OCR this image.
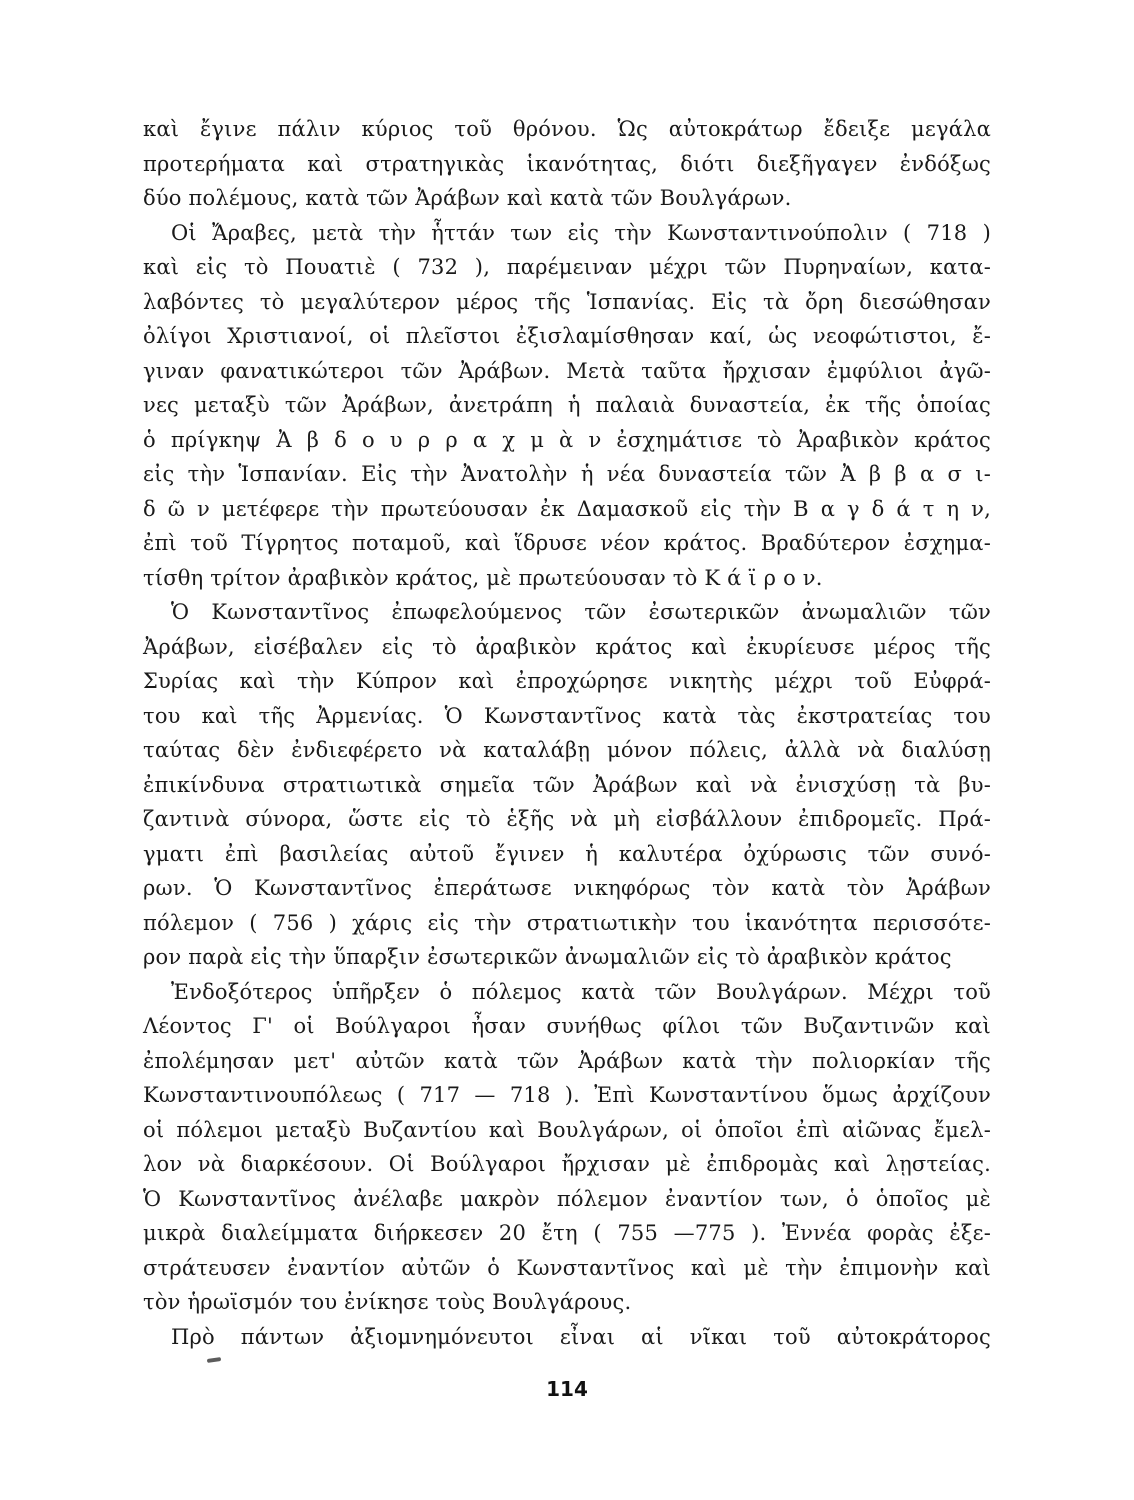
καὶ ἔγινε πάλιν κύριος τοῦ θρόνου. Ὡς αὐτοκράτωρ ἔδειξε μεγάλα
προτερήματα καὶ στρατηγικὰς ἱκανότητας, διότι διεξῆγαγεν ἐνδόξως
δύο πολέμους, κατὰ τῶν Ἀράβων καὶ κατὰ τῶν Βουλγάρων.
Οἱ Ἄραβες, μετὰ τὴν ἧττάν των εἰς τὴν Κωνσταντινούπολιν ( 718 )
καὶ εἰς τὸ Πουατιὲ ( 732 ), παρέμειναν μέχρι τῶν Πυρηναίων, κατα-
λαβόντες τὸ μεγαλύτερον μέρος τῆς Ἱσπανίας. Εἰς τὰ ὄρη διεσώθησαν
ὀλίγοι Χριστιανοί, οἱ πλεῖστοι ἐξισλαμίσθησαν καί, ὡς νεοφώτιστοι, ἔ-
γιναν φανατικώτεροι τῶν Ἀράβων. Μετὰ ταῦτα ἤρχισαν ἐμφύλιοι ἀγῶ-
νες μεταξὺ τῶν Ἀράβων, ἀνετράπη ἡ παλαιὰ δυναστεία, ἐκ τῆς ὁποίας
ὁ πρίγκηψ Ἀ β δ ο υ ρ ρ α χ μ ὰ ν ἐσχημάτισε τὸ Ἀραβικὸν κράτος
εἰς τὴν Ἱσπανίαν. Εἰς τὴν Ἀνατολὴν ἡ νέα δυναστεία τῶν Ἀ β β α σ ι-
δ ῶ ν μετέφερε τὴν πρωτεύουσαν ἐκ Δαμασκοῦ εἰς τὴν Β α γ δ ά τ η ν,
ἐπὶ τοῦ Τίγρητος ποταμοῦ, καὶ ἵδρυσε νέον κράτος. Βραδύτερον ἐσχημα-
τίσθη τρίτον ἀραβικὸν κράτος, μὲ πρωτεύουσαν τὸ Κ ά ϊ ρ ο ν.
Ὁ Κωνσταντῖνος ἐπωφελούμενος τῶν ἐσωτερικῶν ἀνωμαλιῶν τῶν
Ἀράβων, εἰσέβαλεν εἰς τὸ ἀραβικὸν κράτος καὶ ἐκυρίευσε μέρος τῆς
Συρίας καὶ τὴν Κύπρον καὶ ἐπροχώρησε νικητὴς μέχρι τοῦ Εὐφρά-
του καὶ τῆς Ἀρμενίας. Ὁ Κωνσταντῖνος κατὰ τὰς ἐκστρατείας του
ταύτας δὲν ἐνδιεφέρετο νὰ καταλάβῃ μόνον πόλεις, ἀλλὰ νὰ διαλύσῃ
ἐπικίνδυνα στρατιωτικὰ σημεῖα τῶν Ἀράβων καὶ νὰ ἐνισχύσῃ τὰ βυ-
ζαντινὰ σύνορα, ὥστε εἰς τὸ ἑξῆς νὰ μὴ εἰσβάλλουν ἐπιδρομεῖς. Πρά-
γματι ἐπὶ βασιλείας αὐτοῦ ἔγινεν ἡ καλυτέρα ὀχύρωσις τῶν συνό-
ρων. Ὁ Κωνσταντῖνος ἐπεράτωσε νικηφόρως τὸν κατὰ τὸν Ἀράβων
πόλεμον ( 756 ) χάρις εἰς τὴν στρατιωτικὴν του ἱκανότητα περισσότε-
ρον παρὰ εἰς τὴν ὕπαρξιν ἐσωτερικῶν ἀνωμαλιῶν εἰς τὸ ἀραβικὸν κράτος
Ἐνδοξότερος ὑπῆρξεν ὁ πόλεμος κατὰ τῶν Βουλγάρων. Μέχρι τοῦ
Λέοντος Γ' οἱ Βούλγαροι ἦσαν συνήθως φίλοι τῶν Βυζαντινῶν καὶ
ἐπολέμησαν μετ' αὐτῶν κατὰ τῶν Ἀράβων κατὰ τὴν πολιορκίαν τῆς
Κωνσταντινουπόλεως ( 717 — 718 ). Ἐπὶ Κωνσταντίνου ὅμως ἀρχίζουν
οἱ πόλεμοι μεταξὺ Βυζαντίου καὶ Βουλγάρων, οἱ ὁποῖοι ἐπὶ αἰῶνας ἔμελ-
λον νὰ διαρκέσουν. Οἱ Βούλγαροι ἤρχισαν μὲ ἐπιδρομὰς καὶ λῃστείας.
Ὁ Κωνσταντῖνος ἀνέλαβε μακρὸν πόλεμον ἐναντίον των, ὁ ὁποῖος μὲ
μικρὰ διαλείμματα διήρκεσεν 20 ἔτη ( 755 —775 ). Ἐννέα φορὰς ἐξε-
στράτευσεν ἐναντίον αὐτῶν ὁ Κωνσταντῖνος καὶ μὲ τὴν ἐπιμονὴν καὶ
τὸν ἡρωϊσμόν του ἐνίκησε τοὺς Βουλγάρους.
Πρὸ πάντων ἀξιομνημόνευτοι εἶναι αἱ νῖκαι τοῦ αὐτοκράτορος
114
